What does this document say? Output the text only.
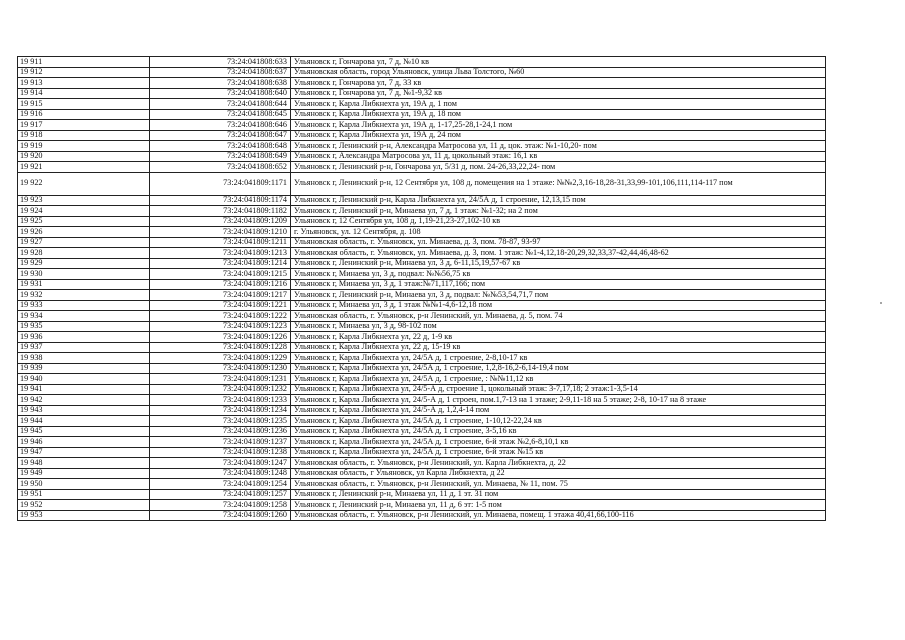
19 911	73:24:041808:633	Ульяновск г, Гончарова ул, 7 д, №10 кв
19 912	73:24:041808:637	Ульяновская область, город Ульяновск, улица Льва Толстого, №60
19 913	73:24:041808:638	Ульяновск г, Гончарова ул, 7 д, 33 кв
19 914	73:24:041808:640	Ульяновск г, Гончарова ул, 7 д, №1-9,32 кв
19 915	73:24:041808:644	Ульяновск г, Карла Либкнехта ул, 19А д, 1 пом
19 916	73:24:041808:645	Ульяновск г, Карла Либкнехта ул, 19А д, 18 пом
19 917	73:24:041808:646	Ульяновск г, Карла Либкнехта ул, 19А д, 1-17,25-28,1-24,1 пом
19 918	73:24:041808:647	Ульяновск г, Карла Либкнехта ул, 19А д, 24 пом
19 919	73:24:041808:648	Ульяновск г, Ленинский р-н, Александра Матросова ул, 11 д, цок. этаж: №1-10,20- пом
19 920	73:24:041808:649	Ульяновск г, Александра Матросова ул, 11 д, цокольный этаж: 16,1 кв
19 921	73:24:041808:652	Ульяновск г, Ленинский р-н, Гончарова ул, 5/31 д, пом. 24-26,33,22,24- пом
19 922	73:24:041809:1171	Ульяновск г, Ленинский р-н, 12 Сентября ул, 108 д, помещения на 1 этаже: №№2,3,16-18,28-31,33,99-101,106,111,114-117 пом
19 923	73:24:041809:1174	Ульяновск г, Ленинский р-н, Карла Либкнехта ул, 24/5А д, 1 строение, 12,13,15 пом
19 924	73:24:041809:1182	Ульяновск г, Ленинский р-н, Минаева ул, 7 д, 1 этаж: №1-32; на 2 пом
19 925	73:24:041809:1209	Ульяновск г, 12 Сентября ул, 108 д, 1,19-21,23-27,102-10 кв
19 926	73:24:041809:1210	г. Ульяновск, ул. 12 Сентября, д. 108
19 927	73:24:041809:1211	Ульяновская область, г. Ульяновск, ул. Минаева, д. 3, пом. 78-87, 93-97
19 928	73:24:041809:1213	Ульяновская область, г. Ульяновск, ул. Минаева, д. 3, пом. 1 этаж: №1-4,12,18-20,29,32,33,37-42,44,46,48-62
19 929	73:24:041809:1214	Ульяновск г, Ленинский р-н, Минаева ул, 3 д, 6-11,15,19,57-67 кв
19 930	73:24:041809:1215	Ульяновск г, Минаева ул, 3 д, подвал: №№56,75 кв
19 931	73:24:041809:1216	Ульяновск г, Минаева ул, 3 д, 1 этаж:№71,117,166; пом
19 932	73:24:041809:1217	Ульяновск г, Ленинский р-н, Минаева ул, 3 д, подвал: №№53,54,71,7 пом
19 933	73:24:041809:1221	Ульяновск г, Минаева ул, 3 д, 1 этаж №№1-4,6-12,18 пом
19 934	73:24:041809:1222	Ульяновская область, г. Ульяновск, р-н Ленинский, ул. Минаева, д. 5, пом. 74
19 935	73:24:041809:1223	Ульяновск г, Минаева ул, 3 д, 98-102 пом
19 936	73:24:041809:1226	Ульяновск г, Карла Либкнехта ул, 22 д, 1-9 кв
19 937	73:24:041809:1228	Ульяновск г, Карла Либкнехта ул, 22 д, 15-19 кв
19 938	73:24:041809:1229	Ульяновск г, Карла Либкнехта ул, 24/5А д, 1 строение, 2-8,10-17 кв
19 939	73:24:041809:1230	Ульяновск г, Карла Либкнехта ул, 24/5А д, 1 строение, 1,2,8-16,2-6,14-19,4 пом
19 940	73:24:041809:1231	Ульяновск г, Карла Либкнехта ул, 24/5А д, 1 строение, : №№11,12 кв
19 941	73:24:041809:1232	Ульяновск г, Карла Либкнехта ул, 24/5-А д, строение 1, цокольный этаж: 3-7,17,18; 2 этаж:1-3,5-14
19 942	73:24:041809:1233	Ульяновск г, Карла Либкнехта ул, 24/5-А д, 1 строен, пом.1,7-13 на 1 этаже; 2-9,11-18 на 5 этаже; 2-8, 10-17 на 8 этаже
19 943	73:24:041809:1234	Ульяновск г, Карла Либкнехта ул, 24/5-А д, 1,2,4-14 пом
19 944	73:24:041809:1235	Ульяновск г, Карла Либкнехта ул, 24/5А д, 1 строение, 1-10,12-22,24 кв
19 945	73:24:041809:1236	Ульяновск г, Карла Либкнехта ул, 24/5А д, 1 строение, 3-5,16 кв
19 946	73:24:041809:1237	Ульяновск г, Карла Либкнехта ул, 24/5А д, 1 строение, 6-й этаж №2,6-8,10,1 кв
19 947	73:24:041809:1238	Ульяновск г, Карла Либкнехта ул, 24/5А д, 1 строение, 6-й этаж №15 кв
19 948	73:24:041809:1247	Ульяновская область, г. Ульяновск, р-н Ленинский, ул. Карла Либкнехта, д. 22
19 949	73:24:041809:1248	Ульяновская область, г Ульяновск, ул Карла Либкнехта, д 22
19 950	73:24:041809:1254	Ульяновская область, г. Ульяновск, р-н Ленинский, ул. Минаева, № 11, пом. 75
19 951	73:24:041809:1257	Ульяновск г, Ленинский р-н, Минаева ул, 11 д, 1 эт. 31 пом
19 952	73:24:041809:1258	Ульяновск г, Ленинский р-н, Минаева ул, 11 д, 6 эт: 1-5 пом
19 953	73:24:041809:1260	Ульяновская область, г. Ульяновск, р-н Ленинский, ул. Минаева, помещ. 1 этажа 40,41,66,100-116
